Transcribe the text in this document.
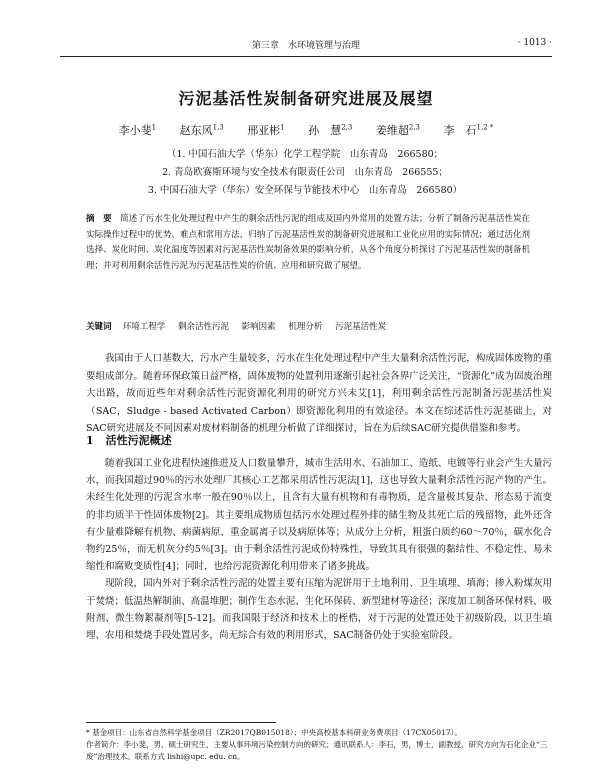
第三章　水环境管理与治理	· 1013 ·
污泥基活性炭制备研究进展及展望
李小斐$^1$ 赵东风$^{1,3}$ 邢亚彬$^1$ 孙　慧$^{2,3}$ 姜维超$^{2,3}$ 李　石$^{1,2 *}$
（1. 中国石油大学（华东）化学工程学院　山东青岛　266580；
2. 青岛欧赛斯环境与安全技术有限责任公司　山东青岛　266555；
3. 中国石油大学（华东）安全环保与节能技术中心　山东青岛　266580）
摘　要　 简述了污水生化处理过程中产生的剩余活性污泥的组成及国内外常用的处置方法；分析了制备污泥基活性炭在实际操作过程中的优势、难点和常用方法，归纳了污泥基活性炭的制备研究进展和工业化应用的实际情况；通过活化剂选择、炭化时间、炭化温度等因素对污泥基活性炭制备效果的影响分析，从各个角度分析探讨了污泥基活性炭的制备机理；并对利用剩余活性污泥为污泥基活性炭的价值、应用和研究做了展望。
关键词　 环境工程学 剩余活性污泥 影响因素 机理分析 污泥基活性炭

我国由于人口基数大，污水产生量较多，污水在生化处理过程中产生大量剩余活性污泥，构成固体废物的重要组成部分。随着环保政策日益严格，固体废物的处置利用逐渐引起社会各界广泛关注，“资源化”成为固废治理大出路，故而近些年对剩余活性污泥资源化利用的研究方兴未艾[1]，利用剩余活性污泥制备污泥基活性炭（SAC，Sludge - based Activated Carbon）即资源化利用的有效途径。本文在综述活性污泥基础上，对SAC研究进展及不同因素对废材料制备的机理分析做了详细探讨，旨在为后续SAC研究提供借鉴和参考。

1 活性污泥概述

随着我国工业化进程快速推进及人口数量攀升，城市生活用水、石油加工、造纸、电镀等行业会产生大量污水，而我国超过90％的污水处理厂其核心工艺都采用活性污泥法[1]，这也导致大量剩余活性污泥产物的产生。未经生化处理的污泥含水率一般在90％以上，且含有大量有机物和有毒物质，是含量极其复杂、形态易于流变的非均质半干性固体废物[2]。其主要组成物质包括污水处理过程外排的储生物及其死亡后的残留物，此外还含有少量难降解有机物、病菌病原、重金属离子以及病原体等；从成分上分析，粗蛋白质约60～70％，碳水化合物约25％，而无机灰分约5％[3]。由于剩余活性污泥成份特殊性，导致其具有很强的黏结性、不稳定性、易未缩性和腐败变质性[4]；同时，也给污泥资源化利用带来了诸多挑战。

现阶段，国内外对于剩余活性污泥的处置主要有压缩为泥饼用于土地利用、卫生填埋、填海；掺入粉煤灰用于焚烧；低温热解制油、高温堆肥；制作生态水泥、生化环保砖、新型建材等途径；深度加工制备环保材料、吸附剂、微生物絮凝剂等[5-12]。而我国限于经济和技术上的桎梏，对于污泥的处置还处于初级阶段，以卫生填埋、农用和焚烧手段处置居多，尚无综合有效的利用形式，SAC制备仍处于实验室阶段。

* 基金项目：山东省自然科学基金项目（ZR2017QB015018）；中央高校基本科研业务费项目（17CX05017）。

作者简介：李小斐，男，硕士研究生，主要从事环境污染控制方向的研究；通讯联系人：李石，男，博士，副教授，研究方向为石化企业“三废”治理技术。联系方式 lishi@upc. edu. cn。
